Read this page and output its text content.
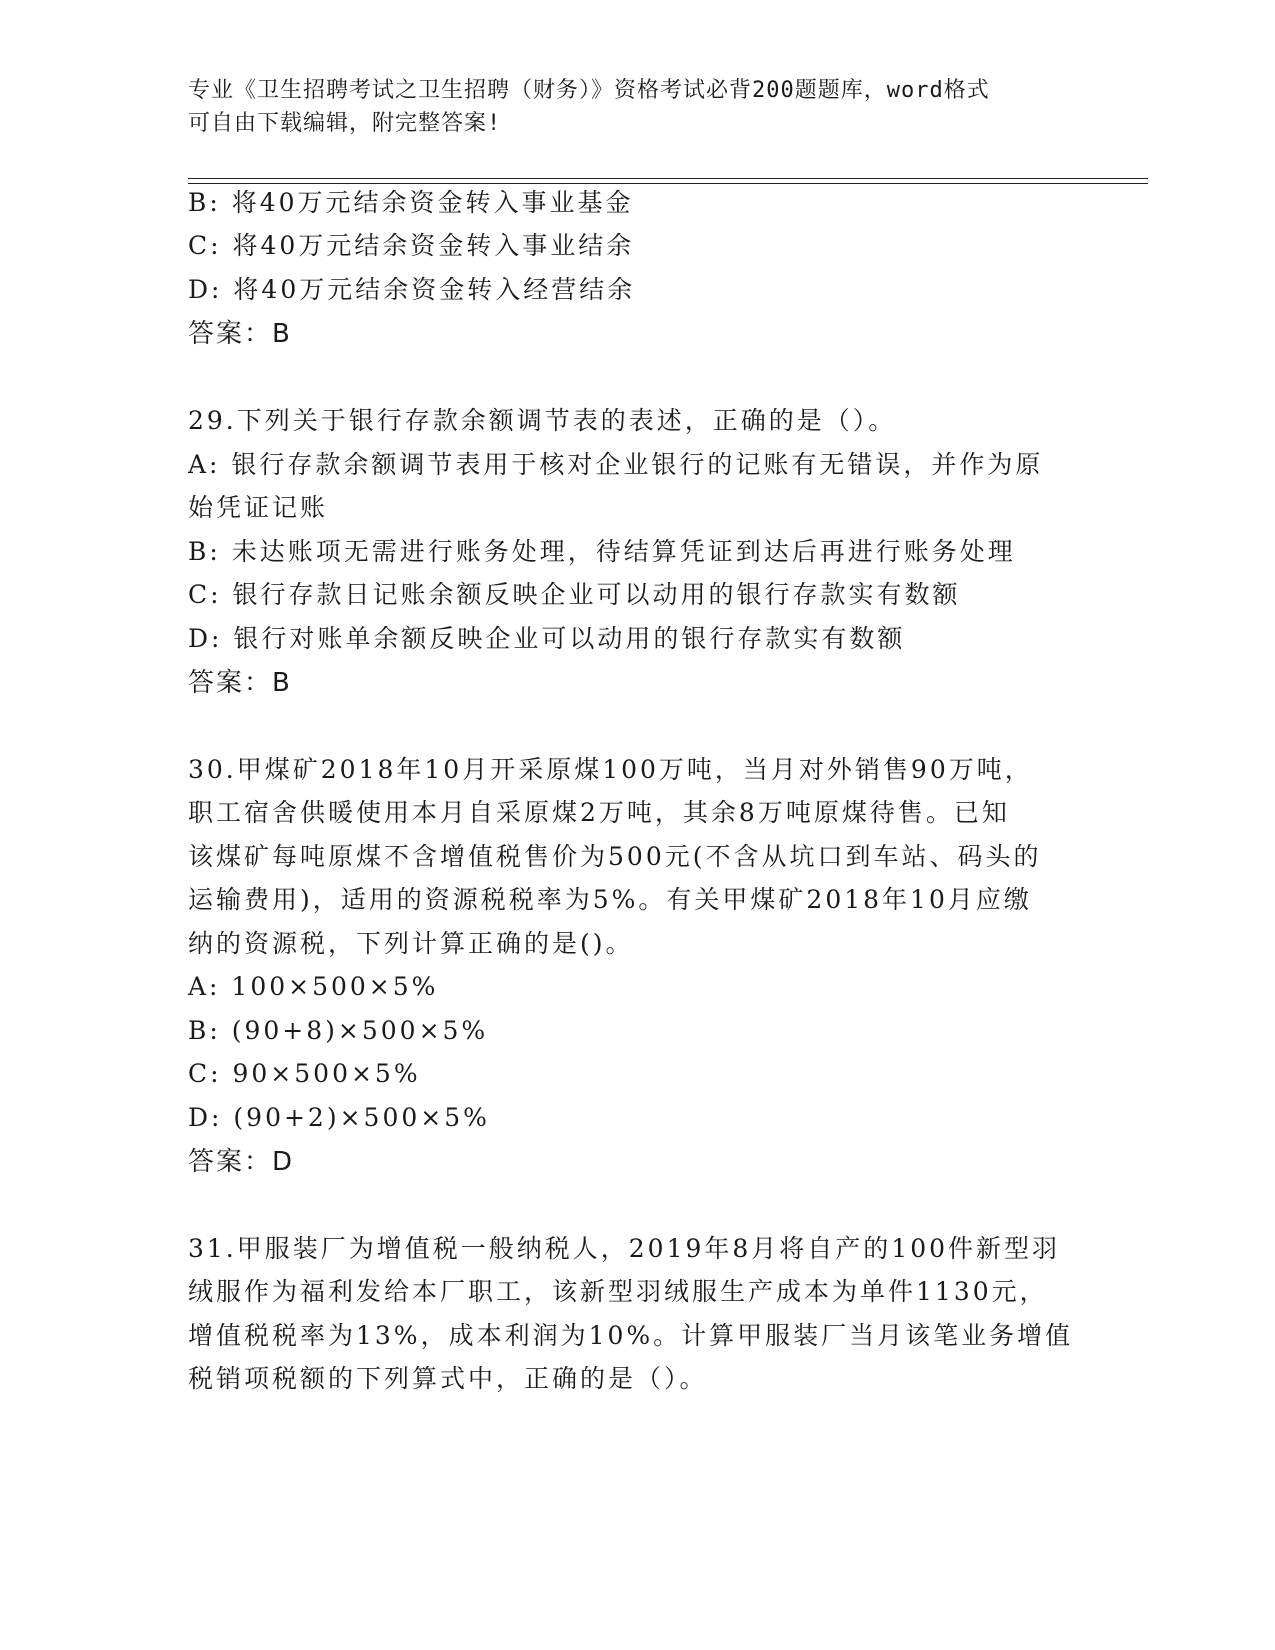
专业《卫生招聘考试之卫生招聘（财务）》资格考试必背200题题库，word格式
可自由下载编辑，附完整答案!
B: 将40万元结余资金转入事业基金
C: 将40万元结余资金转入事业结余
D: 将40万元结余资金转入经营结余
答案：B
29.下列关于银行存款余额调节表的表述，正确的是（）。
A: 银行存款余额调节表用于核对企业银行的记账有无错误，并作为原
始凭证记账
B: 未达账项无需进行账务处理，待结算凭证到达后再进行账务处理
C: 银行存款日记账余额反映企业可以动用的银行存款实有数额
D: 银行对账单余额反映企业可以动用的银行存款实有数额
答案：B
30.甲煤矿2018年10月开采原煤100万吨，当月对外销售90万吨，
职工宿舍供暖使用本月自采原煤2万吨，其余8万吨原煤待售。已知
该煤矿每吨原煤不含增值税售价为500元(不含从坑口到车站、码头的
运输费用)，适用的资源税税率为5%。有关甲煤矿2018年10月应缴
纳的资源税，下列计算正确的是()。
A: 100×500×5%
B: (90+8)×500×5%
C: 90×500×5%
D: (90+2)×500×5%
答案：D
31.甲服装厂为增值税一般纳税人，2019年8月将自产的100件新型羽
绒服作为福利发给本厂职工，该新型羽绒服生产成本为单件1130元，
增值税税率为13%，成本利润为10%。计算甲服装厂当月该笔业务增值
税销项税额的下列算式中，正确的是（）。
